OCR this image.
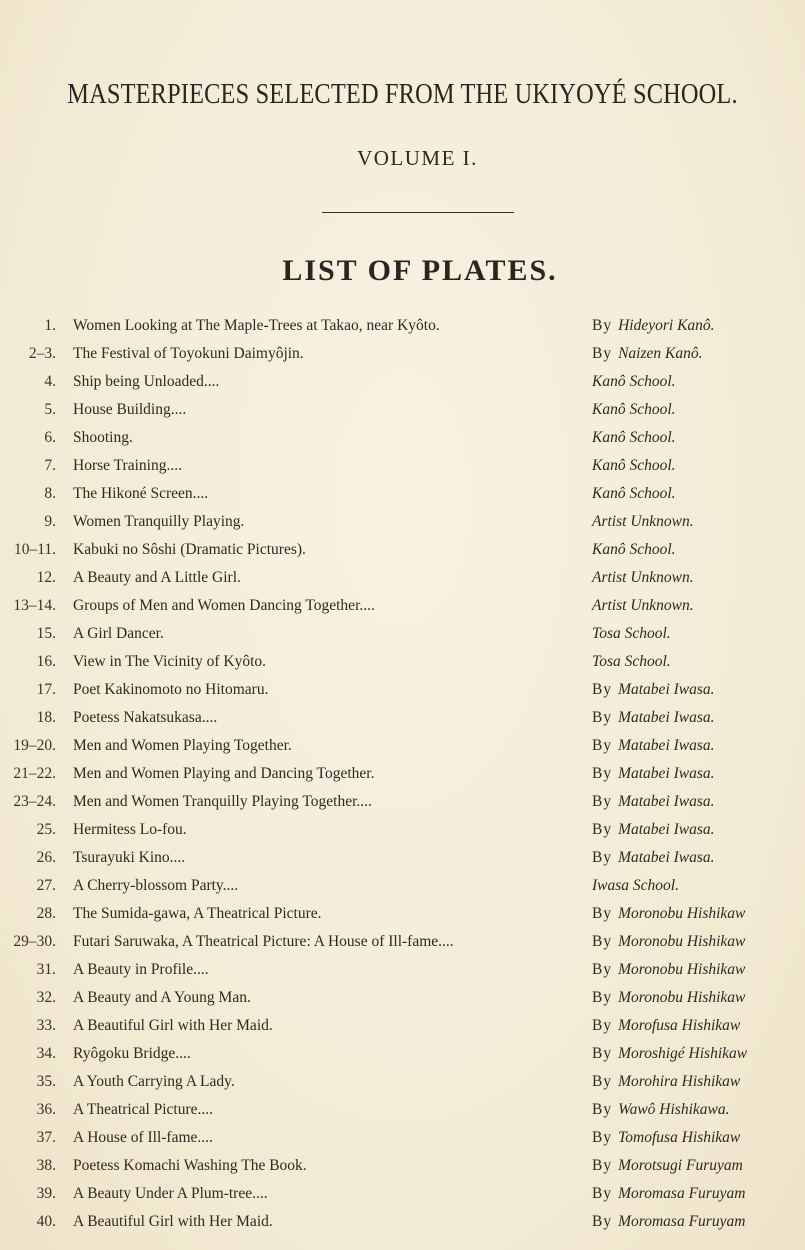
MASTERPIECES SELECTED FROM THE UKIYOYÉ SCHOOL.
VOLUME I.
LIST OF PLATES.
1. Women Looking at The Maple-Trees at Takao, near Kyôto.	By Hideyori Kanô.
2–3. The Festival of Toyokuni Daimyôjin.	By Naizen Kanô.
4. Ship being Unloaded....	Kanô School.
5. House Building....	Kanô School.
6. Shooting.	Kanô School.
7. Horse Training....	Kanô School.
8. The Hikoné Screen....	Kanô School.
9. Women Tranquilly Playing.	Artist Unknown.
10–11. Kabuki no Sôshi (Dramatic Pictures).	Kanô School.
12. A Beauty and A Little Girl.	Artist Unknown.
13–14. Groups of Men and Women Dancing Together....	Artist Unknown.
15. A Girl Dancer.	Tosa School.
16. View in The Vicinity of Kyôto.	Tosa School.
17. Poet Kakinomoto no Hitomaru.	By Matabei Iwasa.
18. Poetess Nakatsukasa....	By Matabei Iwasa.
19–20. Men and Women Playing Together.	By Matabei Iwasa.
21–22. Men and Women Playing and Dancing Together.	By Matabei Iwasa.
23–24. Men and Women Tranquilly Playing Together....	By Matabei Iwasa.
25. Hermitess Lo-fou.	By Matabei Iwasa.
26. Tsurayuki Kino....	By Matabei Iwasa.
27. A Cherry-blossom Party....	Iwasa School.
28. The Sumida-gawa, A Theatrical Picture.	By Moronobu Hishikaw
29–30. Futari Saruwaka, A Theatrical Picture: A House of Ill-fame....	By Moronobu Hishikaw
31. A Beauty in Profile....	By Moronobu Hishikaw
32. A Beauty and A Young Man.	By Moronobu Hishikaw
33. A Beautiful Girl with Her Maid.	By Morofusa Hishikaw
34. Ryôgoku Bridge....	By Moroshigé Hishikaw
35. A Youth Carrying A Lady.	By Morohira Hishikaw
36. A Theatrical Picture....	By Wawô Hishikawa.
37. A House of Ill-fame....	By Tomofusa Hishikaw
38. Poetess Komachi Washing The Book.	By Morotsugi Furuyam
39. A Beauty Under A Plum-tree....	By Moromasa Furuyam
40. A Beautiful Girl with Her Maid.	By Moromasa Furuyam
